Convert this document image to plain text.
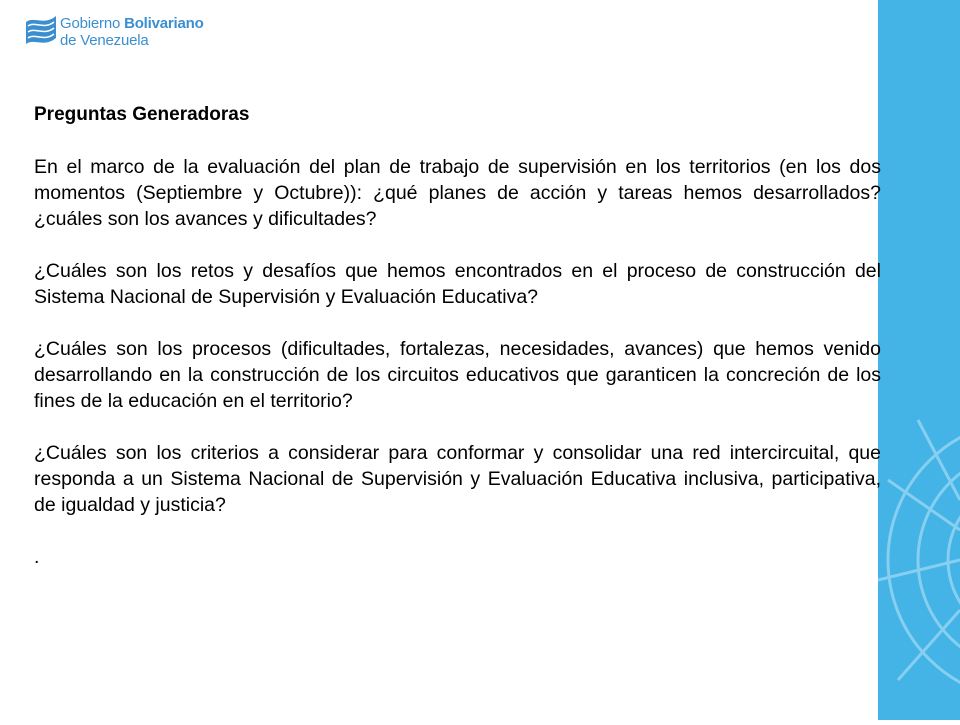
Gobierno Bolivariano
de Venezuela
Preguntas Generadoras

En el marco de la evaluación del plan de trabajo de supervisión en los territorios (en los dos momentos (Septiembre y Octubre)): ¿qué planes de acción y tareas hemos desarrollados? ¿cuáles son los avances y dificultades?

¿Cuáles son los retos y desafíos que hemos encontrados en el proceso de construcción del Sistema Nacional de Supervisión y Evaluación Educativa?

¿Cuáles son los procesos (dificultades, fortalezas, necesidades, avances) que hemos venido desarrollando en la construcción de los circuitos educativos que garanticen la concreción de los fines de la educación en el territorio?

¿Cuáles son los criterios a considerar para conformar y consolidar una red intercircuital, que responda a un Sistema Nacional de Supervisión y Evaluación Educativa inclusiva, participativa, de igualdad y justicia?

.
